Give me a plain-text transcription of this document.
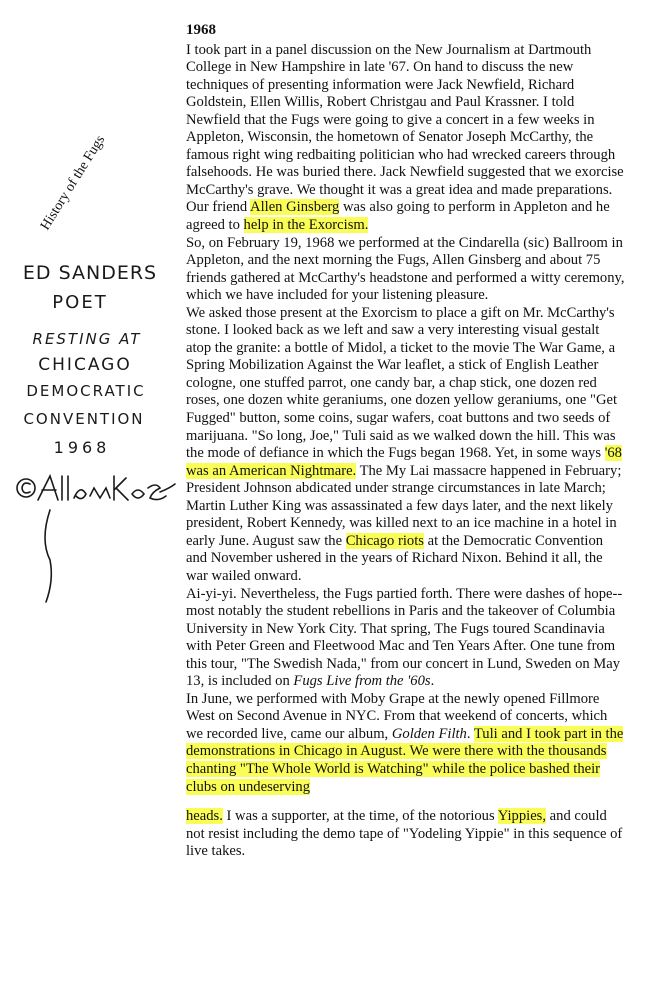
History of the Fugs
ED SANDERS
POET
RESTING AT
CHICAGO
DEMOCRATIC
CONVENTION
1968
1968

I took part in a panel discussion on the New Journalism at Dartmouth College in New Hampshire in late '67. On hand to discuss the new techniques of presenting information were Jack Newfield, Richard Goldstein, Ellen Willis, Robert Christgau and Paul Krassner. I told Newfield that the Fugs were going to give a concert in a few weeks in Appleton, Wisconsin, the hometown of Senator Joseph McCarthy, the famous right wing redbaiting politician who had wrecked careers through falsehoods. He was buried there. Jack Newfield suggested that we exorcise McCarthy's grave. We thought it was a great idea and made preparations. Our friend Allen Ginsberg was also going to perform in Appleton and he agreed to help in the Exorcism.

So, on February 19, 1968 we performed at the Cindarella (sic) Ballroom in Appleton, and the next morning the Fugs, Allen Ginsberg and about 75 friends gathered at McCarthy's headstone and performed a witty ceremony, which we have included for your listening pleasure.

We asked those present at the Exorcism to place a gift on Mr. McCarthy's stone. I looked back as we left and saw a very interesting visual gestalt atop the granite: a bottle of Midol, a ticket to the movie The War Game, a Spring Mobilization Against the War leaflet, a stick of English Leather cologne, one stuffed parrot, one candy bar, a chap stick, one dozen red roses, one dozen white geraniums, one dozen yellow geraniums, one "Get Fugged" button, some coins, sugar wafers, coat buttons and two seeds of marijuana. "So long, Joe," Tuli said as we walked down the hill. This was the mode of defiance in which the Fugs began 1968. Yet, in some ways '68 was an American Nightmare. The My Lai massacre happened in February; President Johnson abdicated under strange circumstances in late March; Martin Luther King was assassinated a few days later, and the next likely president, Robert Kennedy, was killed next to an ice machine in a hotel in early June. August saw the Chicago riots at the Democratic Convention and November ushered in the years of Richard Nixon. Behind it all, the war wailed onward.

Ai-yi-yi. Nevertheless, the Fugs partied forth. There were dashes of hope-- most notably the student rebellions in Paris and the takeover of Columbia University in New York City. That spring, The Fugs toured Scandinavia with Peter Green and Fleetwood Mac and Ten Years After. One tune from this tour, "The Swedish Nada," from our concert in Lund, Sweden on May 13, is included on Fugs Live from the '60s.

In June, we performed with Moby Grape at the newly opened Fillmore West on Second Avenue in NYC. From that weekend of concerts, which we recorded live, came our album, Golden Filth. Tuli and I took part in the demonstrations in Chicago in August. We were there with the thousands chanting "The Whole World is Watching" while the police bashed their clubs on undeserving

heads. I was a supporter, at the time, of the notorious Yippies, and could not resist including the demo tape of "Yodeling Yippie" in this sequence of live takes.
